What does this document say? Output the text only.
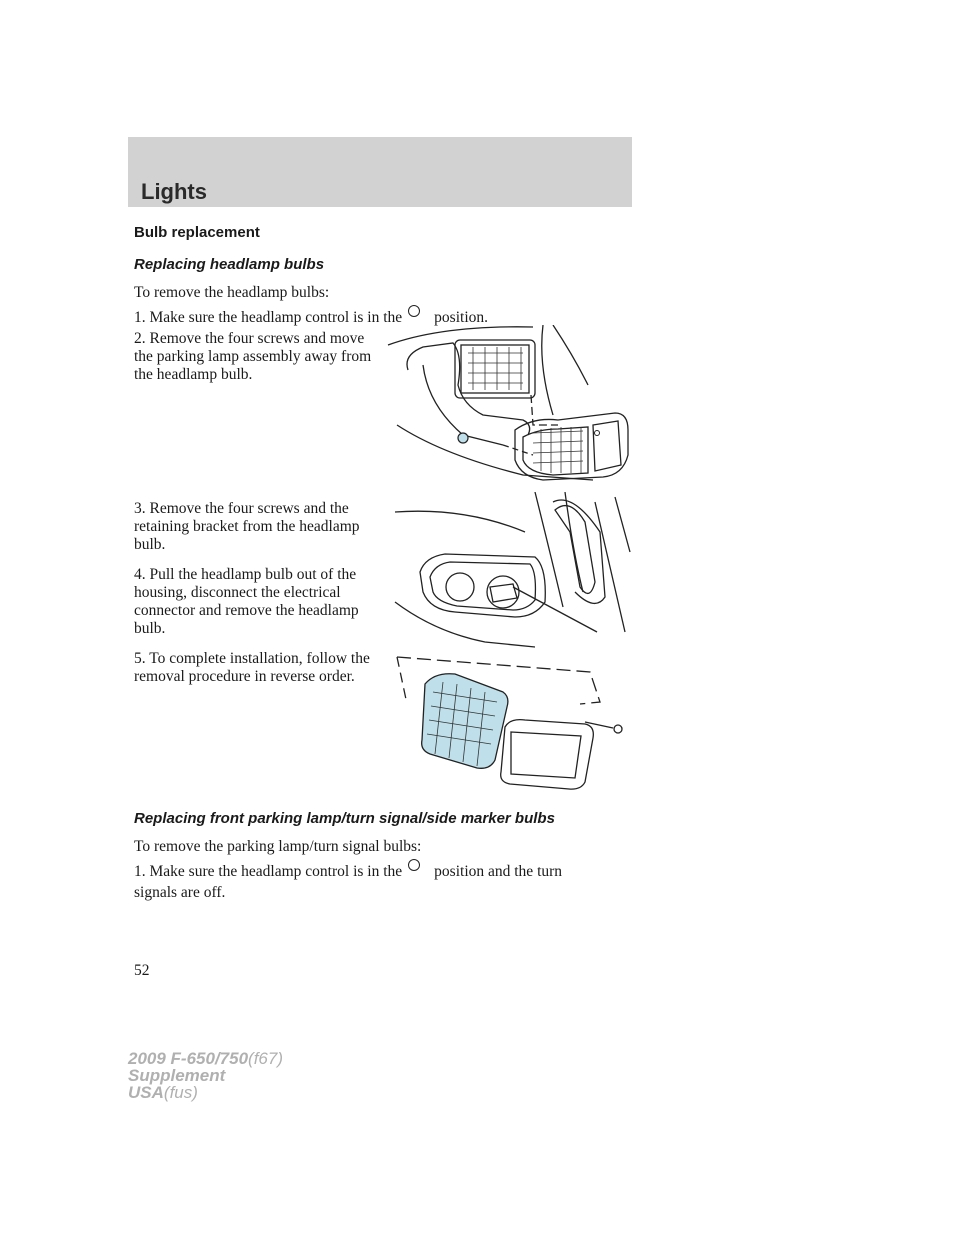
Lights

Bulb replacement

Replacing headlamp bulbs

To remove the headlamp bulbs:

1. Make sure the headlamp control is in the position.

2. Remove the four screws and move the parking lamp assembly away from the headlamp bulb.

3. Remove the four screws and the retaining bracket from the headlamp bulb.

4. Pull the headlamp bulb out of the housing, disconnect the electrical connector and remove the headlamp bulb.

5. To complete installation, follow the removal procedure in reverse order.

Replacing front parking lamp/turn signal/side marker bulbs

To remove the parking lamp/turn signal bulbs:

1. Make sure the headlamp control is in the position and the turn

signals are off.

52
2009 F-650/750(f67)
Supplement
USA(fus)
